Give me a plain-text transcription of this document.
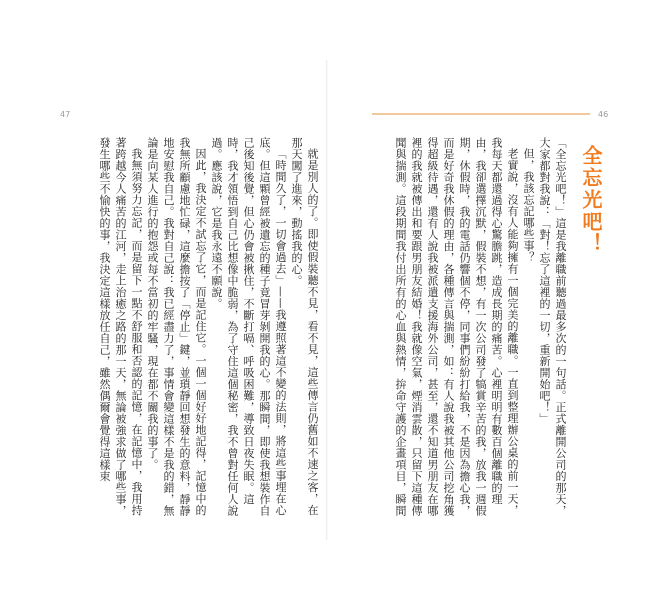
47
就是別人的了。即使假裝聽不見，看不見，這些傳言仍舊如不速之客，在那天闖了進來，動搖我的心。
「時間久了，一切會過去」——我遵照著這不變的法則，將這些事埋在心底。但這顆曾經被遺忘的種子竟冒芽剝開我的心。那瞬間，即使我想裝作自己後知後覺，但心仍會被揪住，不斷打嗝、呼吸困難，導致日夜失眠。這時，我才領悟到自己比想像中脆弱，為了守住這個秘密，我不曾對任何人說過。應該說，它是我永遠不願說。
因此，我決定不試忘了它，而是記住它。一個一個好好地記得，記憶中的我無所顧慮地忙碌，這麼擔按了「停止」鍵，並瑣靜回想發生的意料，靜靜地安慰我自己。我對自己說：我已經盡力了，事情會變這樣不是我的錯，無論是向某人進行的抱怨或每不當初的牢騷，現在都不關我的事了。
我無須努力忘記，而是留下一點不舒服和否認的記憶，在記憶中，我用持著跨越今人痛苦的江河，走上治癒之路的那一天，無論被強求做了哪些事，發生哪些不愉快的事，我決定這樣放任自己，雖然偶爾會覺得這樣束
46
全忘光吧！
「全忘光吧！」這是我離職前聽過最多次的一句話。正式離開公司的那天，大家都對我說：「對！忘了這裡的一切，重新開始吧！」
但，我該忘記哪些事？
老實說，沒有人能夠擁有一個完美的離職。一直到整理辦公桌的前一天，我每天都還過得心驚膽跳，造成長期的痛苦。心裡明明有數百個離職的理由，我卻選擇沉默，假裝不想，有一次公司發了犒賞辛苦的我，放我一週假期，休假時，我的電話仍響個不停，同事們紛紛打給我，不是因為擔心我，而是好奇我休假的理由，各種傳言與揣測，如：有人說我被其他公司挖角獲得超級待遇，還有人說我被派遣支援海外公司，甚至，還不知道男朋友在哪裡的我就被傳出和要跟男朋友結婚！我就像空氣，煙消雲散，只留下這種傳聞與揣測。這段期間我付出所有的心血與熱情，拚命守護的企畫項目，瞬間
